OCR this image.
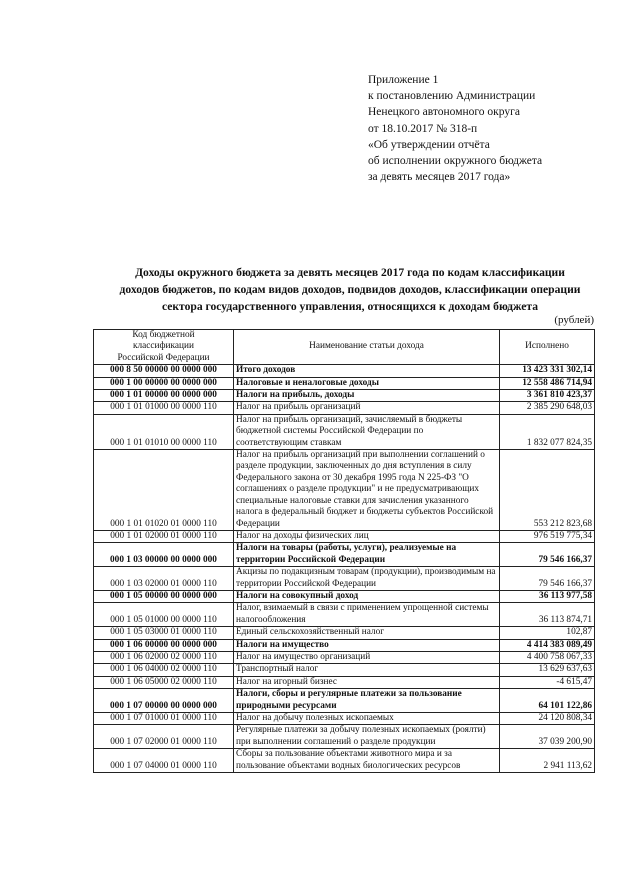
Приложение 1
к постановлению Администрации
Ненецкого автономного округа
от 18.10.2017 № 318-п
«Об утверждении отчёта
об исполнении окружного бюджета
за девять месяцев 2017 года»
Доходы окружного бюджета за девять месяцев 2017 года по кодам классификации
доходов бюджетов, по кодам видов доходов, подвидов доходов, классификации операции
сектора государственного управления, относящихся к доходам бюджета
(рублей)
Код бюджетной
классификации
Российской Федерации	Наименование статьи дохода	Исполнено
000 8 50 00000 00 0000 000	Итого доходов	13 423 331 302,14
000 1 00 00000 00 0000 000	Налоговые и неналоговые доходы	12 558 486 714,94
000 1 01 00000 00 0000 000	Налоги на прибыль, доходы	3 361 810 423,37
000 1 01 01000 00 0000 110	Налог на прибыль организаций	2 385 290 648,03
000 1 01 01010 00 0000 110	Налог на прибыль организаций, зачисляемый в бюджеты бюджетной системы Российской Федерации по соответствующим ставкам	1 832 077 824,35
000 1 01 01020 01 0000 110	Налог на прибыль организаций при выполнении соглашений о разделе продукции, заключенных до дня вступления в силу Федерального закона от 30 декабря 1995 года N 225-ФЗ "О соглашениях о разделе продукции" и не предусматривающих специальные налоговые ставки для зачисления указанного налога в федеральный бюджет и бюджеты субъектов Российской Федерации	553 212 823,68
000 1 01 02000 01 0000 110	Налог на доходы физических лиц	976 519 775,34
000 1 03 00000 00 0000 000	Налоги на товары (работы, услуги), реализуемые на территории Российской Федерации	79 546 166,37
000 1 03 02000 01 0000 110	Акцизы по подакцизным товарам (продукции), производимым на территории Российской Федерации	79 546 166,37
000 1 05 00000 00 0000 000	Налоги на совокупный доход	36 113 977,58
000 1 05 01000 00 0000 110	Налог, взимаемый в связи с применением упрощенной системы налогообложения	36 113 874,71
000 1 05 03000 01 0000 110	Единый сельскохозяйственный налог	102,87
000 1 06 00000 00 0000 000	Налоги на имущество	4 414 383 089,49
000 1 06 02000 02 0000 110	Налог на имущество организаций	4 400 758 067,33
000 1 06 04000 02 0000 110	Транспортный налог	13 629 637,63
000 1 06 05000 02 0000 110	Налог на игорный бизнес	-4 615,47
000 1 07 00000 00 0000 000	Налоги, сборы и регулярные платежи за пользование природными ресурсами	64 101 122,86
000 1 07 01000 01 0000 110	Налог на добычу полезных ископаемых	24 120 808,34
000 1 07 02000 01 0000 110	Регулярные платежи за добычу полезных ископаемых (роялти) при выполнении соглашений о разделе продукции	37 039 200,90
000 1 07 04000 01 0000 110	Сборы за пользование объектами животного мира и за пользование объектами водных биологических ресурсов	2 941 113,62
